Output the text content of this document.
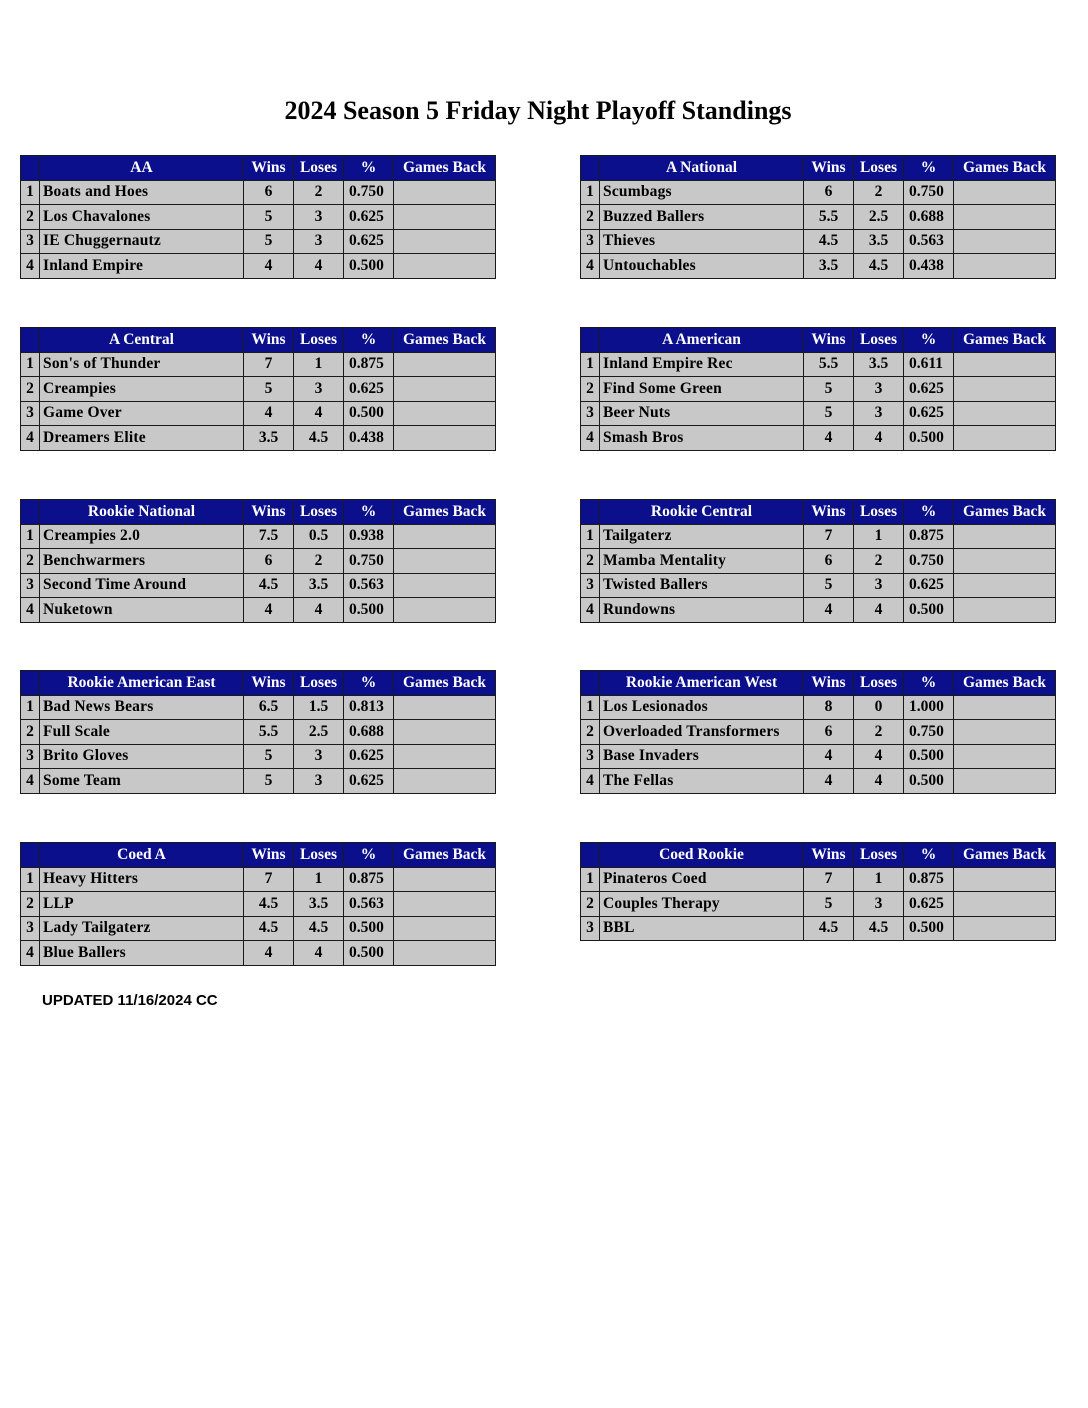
2024 Season 5 Friday Night Playoff Standings
	AA	Wins	Loses	%	Games Back
1	Boats and Hoes	6	2	0.750	
2	Los Chavalones	5	3	0.625	
3	IE Chuggernautz	5	3	0.625	
4	Inland Empire	4	4	0.500	
	A National	Wins	Loses	%	Games Back
1	Scumbags	6	2	0.750	
2	Buzzed Ballers	5.5	2.5	0.688	
3	Thieves	4.5	3.5	0.563	
4	Untouchables	3.5	4.5	0.438	
	A Central	Wins	Loses	%	Games Back
1	Son's of Thunder	7	1	0.875	
2	Creampies	5	3	0.625	
3	Game Over	4	4	0.500	
4	Dreamers Elite	3.5	4.5	0.438	
	A American	Wins	Loses	%	Games Back
1	Inland Empire Rec	5.5	3.5	0.611	
2	Find Some Green	5	3	0.625	
3	Beer Nuts	5	3	0.625	
4	Smash Bros	4	4	0.500	
	Rookie National	Wins	Loses	%	Games Back
1	Creampies 2.0	7.5	0.5	0.938	
2	Benchwarmers	6	2	0.750	
3	Second Time Around	4.5	3.5	0.563	
4	Nuketown	4	4	0.500	
	Rookie Central	Wins	Loses	%	Games Back
1	Tailgaterz	7	1	0.875	
2	Mamba Mentality	6	2	0.750	
3	Twisted Ballers	5	3	0.625	
4	Rundowns	4	4	0.500	
	Rookie American East	Wins	Loses	%	Games Back
1	Bad News Bears	6.5	1.5	0.813	
2	Full Scale	5.5	2.5	0.688	
3	Brito Gloves	5	3	0.625	
4	Some Team	5	3	0.625	
	Rookie American West	Wins	Loses	%	Games Back
1	Los Lesionados	8	0	1.000	
2	Overloaded Transformers	6	2	0.750	
3	Base Invaders	4	4	0.500	
4	The Fellas	4	4	0.500	
	Coed A	Wins	Loses	%	Games Back
1	Heavy Hitters	7	1	0.875	
2	LLP	4.5	3.5	0.563	
3	Lady Tailgaterz	4.5	4.5	0.500	
4	Blue Ballers	4	4	0.500	
	Coed Rookie	Wins	Loses	%	Games Back
1	Pinateros Coed	7	1	0.875	
2	Couples Therapy	5	3	0.625	
3	BBL	4.5	4.5	0.500	
UPDATED 11/16/2024 CC
